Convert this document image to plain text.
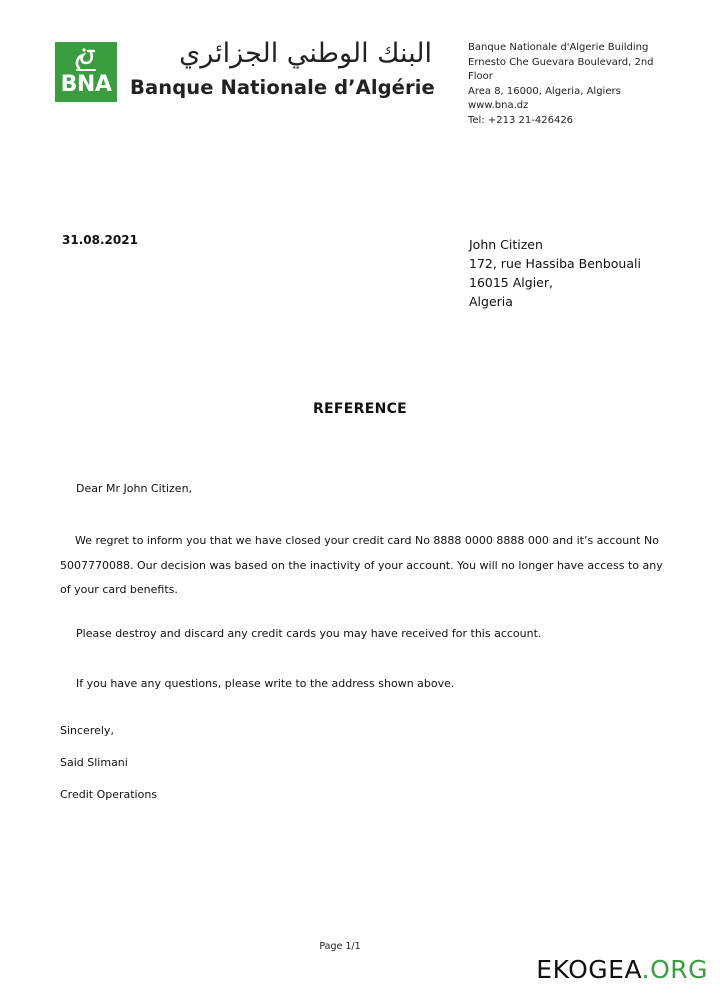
BNA
البنك الوطني الجزائري
Banque Nationale d’Algérie
Banque Nationale d'Algerie Building
Ernesto Che Guevara Boulevard, 2nd
Floor
Area 8, 16000, Algeria, Algiers
www.bna.dz
Tel: +213 21-426426
31.08.2021	John Citizen
172, rue Hassiba Benbouali
16015 Algier,
Algeria
REFERENCE
Dear Mr John Citizen,
We regret to inform you that we have closed your credit card No 8888 0000 8888 000 and it’s account No 5007770088. Our decision was based on the inactivity of your account. You will no longer have access to any of your card benefits.
Please destroy and discard any credit cards you may have received for this account.
If you have any questions, please write to the address shown above.
Sincerely,
Said Slimani
Credit Operations
Page 1/1
EKOGEA.ORG
